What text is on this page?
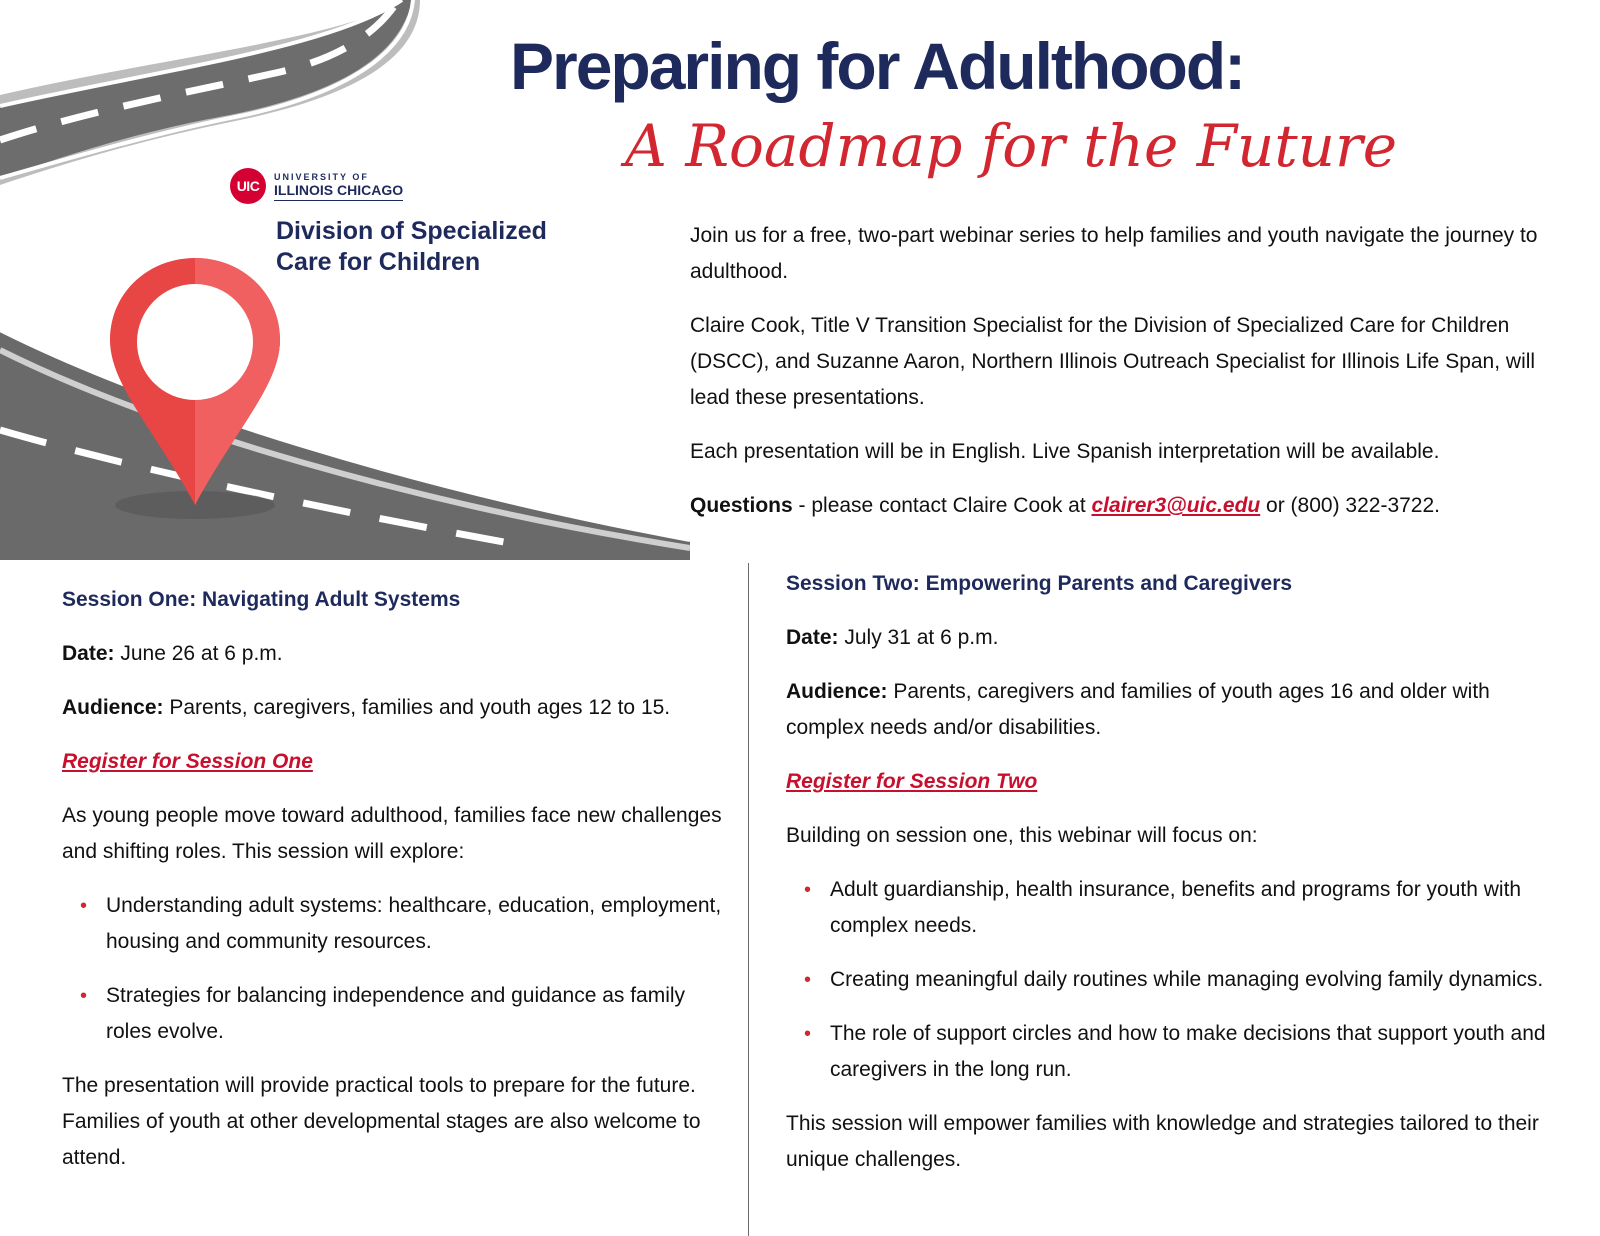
UIC
UNIVERSITY OF
ILLINOIS CHICAGO
Division of Specialized
Care for Children
Preparing for Adulthood:
A Roadmap for the Future

Join us for a free, two-part webinar series to help families and youth navigate the journey to adulthood.

Claire Cook, Title V Transition Specialist for the Division of Specialized Care for Children (DSCC), and Suzanne Aaron, Northern Illinois Outreach Specialist for Illinois Life Span, will lead these presentations.

Each presentation will be in English. Live Spanish interpretation will be available.

Questions - please contact Claire Cook at clairer3@uic.edu or (800) 322-3722.

Session One: Navigating Adult Systems

Date: June 26 at 6 p.m.

Audience: Parents, caregivers, families and youth ages 12 to 15.

Register for Session One

As young people move toward adulthood, families face new challenges and shifting roles. This session will explore:

• Understanding adult systems: healthcare, education, employment, housing and community resources.
• Strategies for balancing independence and guidance as family roles evolve.

The presentation will provide practical tools to prepare for the future. Families of youth at other developmental stages are also welcome to attend.

Session Two: Empowering Parents and Caregivers

Date: July 31 at 6 p.m.

Audience: Parents, caregivers and families of youth ages 16 and older with complex needs and/or disabilities.

Register for Session Two

Building on session one, this webinar will focus on:

• Adult guardianship, health insurance, benefits and programs for youth with complex needs.
• Creating meaningful daily routines while managing evolving family dynamics.
• The role of support circles and how to make decisions that support youth and caregivers in the long run.

This session will empower families with knowledge and strategies tailored to their unique challenges.
